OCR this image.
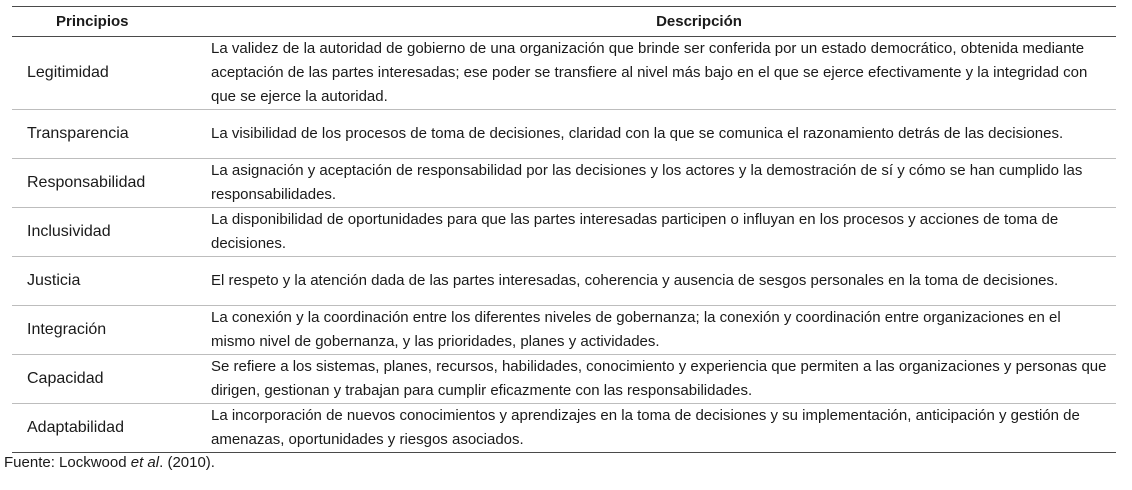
Principios	Descripción
Legitimidad	La validez de la autoridad de gobierno de una organización que brinde ser conferida por un estado democrático, obtenida mediante aceptación de las partes interesadas; ese poder se transfiere al nivel más bajo en el que se ejerce efectivamente y la integridad con que se ejerce la autoridad.
Transparencia	La visibilidad de los procesos de toma de decisiones, claridad con la que se comunica el razonamiento detrás de las decisiones.
Responsabilidad	La asignación y aceptación de responsabilidad por las decisiones y los actores y la demostración de sí y cómo se han cumplido las responsabilidades.
Inclusividad	La disponibilidad de oportunidades para que las partes interesadas participen o influyan en los procesos y acciones de toma de decisiones.
Justicia	El respeto y la atención dada de las partes interesadas, coherencia y ausencia de sesgos personales en la toma de decisiones.
Integración	La conexión y la coordinación entre los diferentes niveles de gobernanza; la conexión y coordinación entre organizaciones en el mismo nivel de gobernanza, y las prioridades, planes y actividades.
Capacidad	Se refiere a los sistemas, planes, recursos, habilidades, conocimiento y experiencia que permiten a las organizaciones y personas que dirigen, gestionan y trabajan para cumplir eficazmente con las responsabilidades.
Adaptabilidad	La incorporación de nuevos conocimientos y aprendizajes en la toma de decisiones y su implementación, anticipación y gestión de amenazas, oportunidades y riesgos asociados.
Fuente: Lockwood et al. (2010).
